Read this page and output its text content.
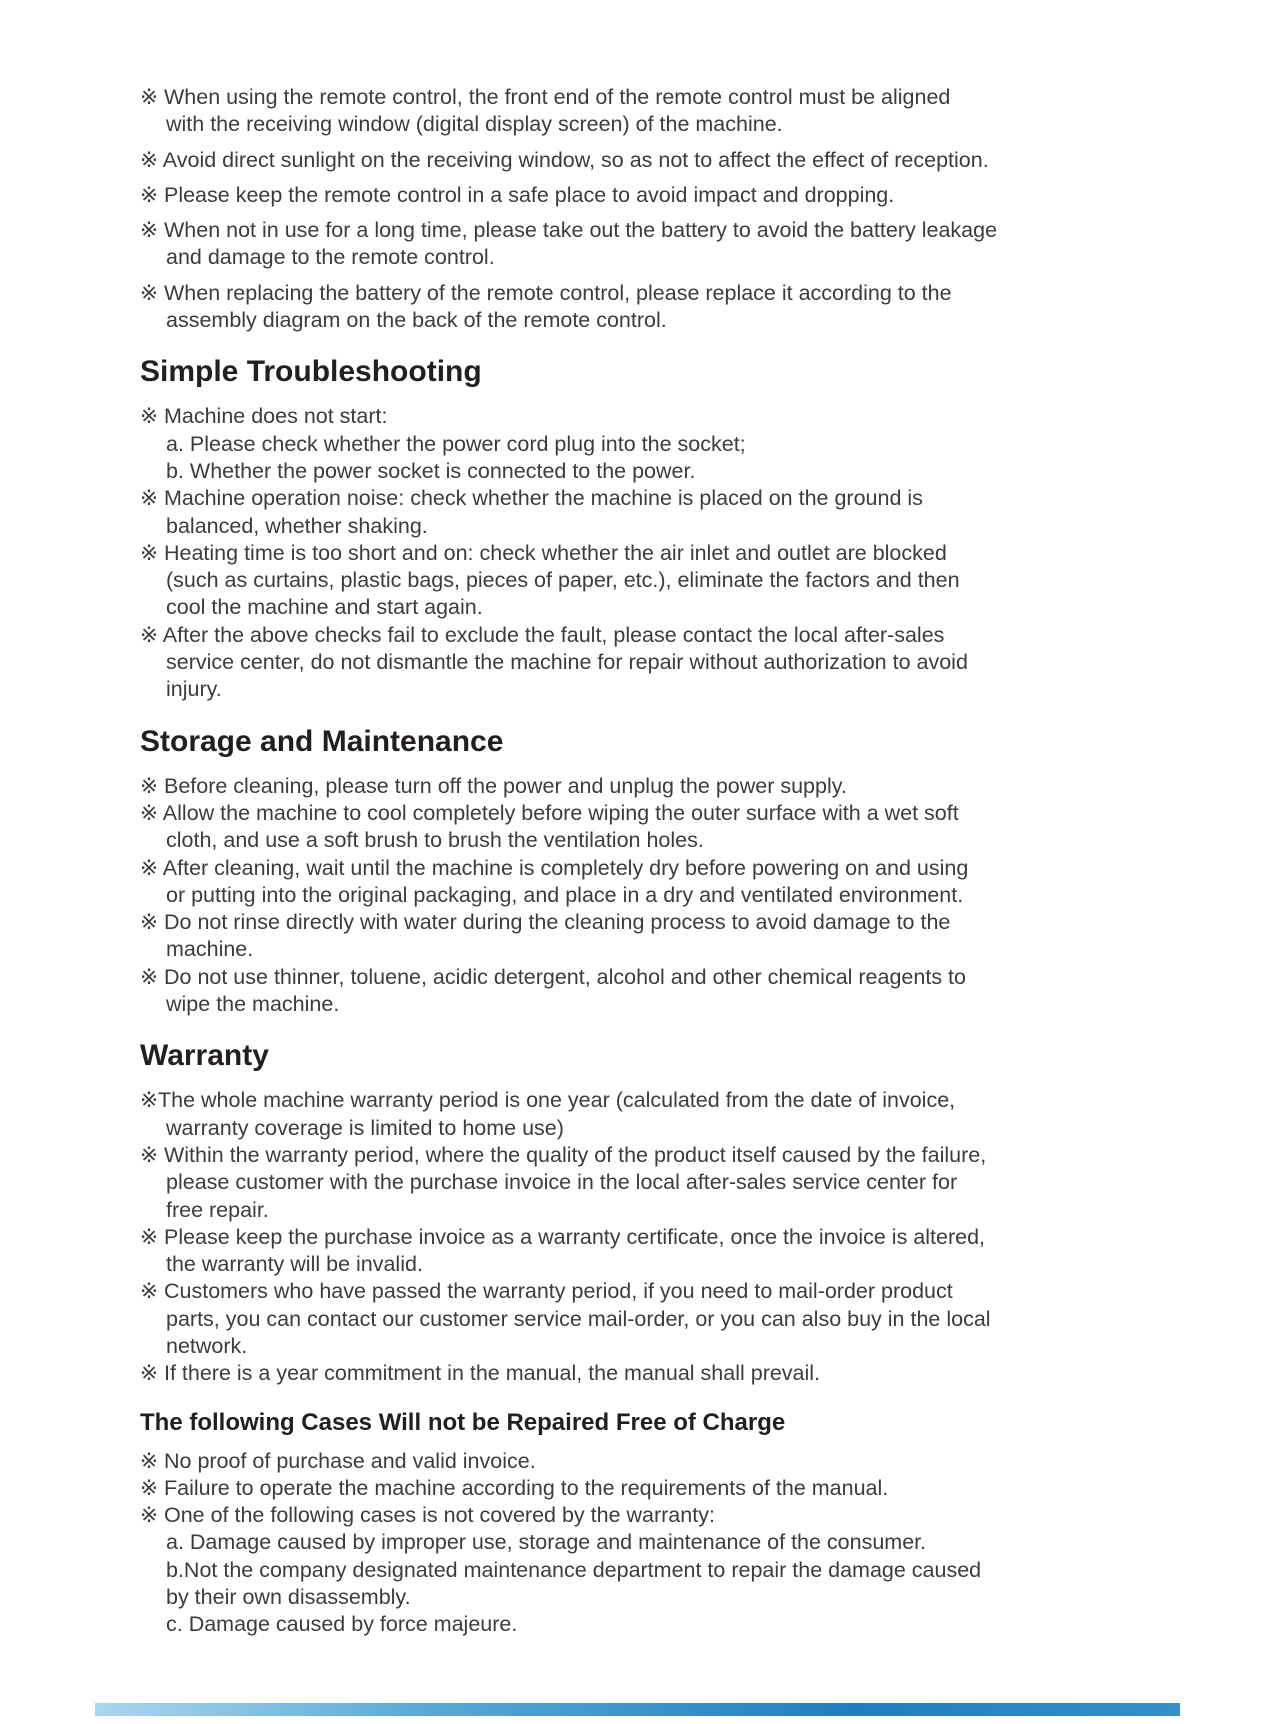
※ When using the remote control, the front end of the remote control must be aligned
with the receiving window (digital display screen) of the machine.
※ Avoid direct sunlight on the receiving window, so as not to affect the effect of reception.
※ Please keep the remote control in a safe place to avoid impact and dropping.
※ When not in use for a long time, please take out the battery to avoid the battery leakage
and damage to the remote control.
※ When replacing the battery of the remote control, please replace it according to the
assembly diagram on the back of the remote control.
Simple Troubleshooting
※ Machine does not start:
a. Please check whether the power cord plug into the socket;
b. Whether the power socket is connected to the power.
※ Machine operation noise: check whether the machine is placed on the ground is
balanced, whether shaking.
※ Heating time is too short and on: check whether the air inlet and outlet are blocked
(such as curtains, plastic bags, pieces of paper, etc.), eliminate the factors and then
cool the machine and start again.
※ After the above checks fail to exclude the fault, please contact the local after-sales
service center, do not dismantle the machine for repair without authorization to avoid
injury.
Storage and Maintenance
※ Before cleaning, please turn off the power and unplug the power supply.
※ Allow the machine to cool completely before wiping the outer surface with a wet soft
cloth, and use a soft brush to brush the ventilation holes.
※ After cleaning, wait until the machine is completely dry before powering on and using
or putting into the original packaging, and place in a dry and ventilated environment.
※ Do not rinse directly with water during the cleaning process to avoid damage to the
machine.
※ Do not use thinner, toluene, acidic detergent, alcohol and other chemical reagents to
wipe the machine.
Warranty
※The whole machine warranty period is one year (calculated from the date of invoice,
warranty coverage is limited to home use)
※ Within the warranty period, where the quality of the product itself caused by the failure,
please customer with the purchase invoice in the local after-sales service center for
free repair.
※ Please keep the purchase invoice as a warranty certificate, once the invoice is altered,
the warranty will be invalid.
※ Customers who have passed the warranty period, if you need to mail-order product
parts, you can contact our customer service mail-order, or you can also buy in the local
network.
※ If there is a year commitment in the manual, the manual shall prevail.
The following Cases Will not be Repaired Free of Charge
※ No proof of purchase and valid invoice.
※ Failure to operate the machine according to the requirements of the manual.
※ One of the following cases is not covered by the warranty:
a. Damage caused by improper use, storage and maintenance of the consumer.
b.Not the company designated maintenance department to repair the damage caused
by their own disassembly.
c. Damage caused by force majeure.
